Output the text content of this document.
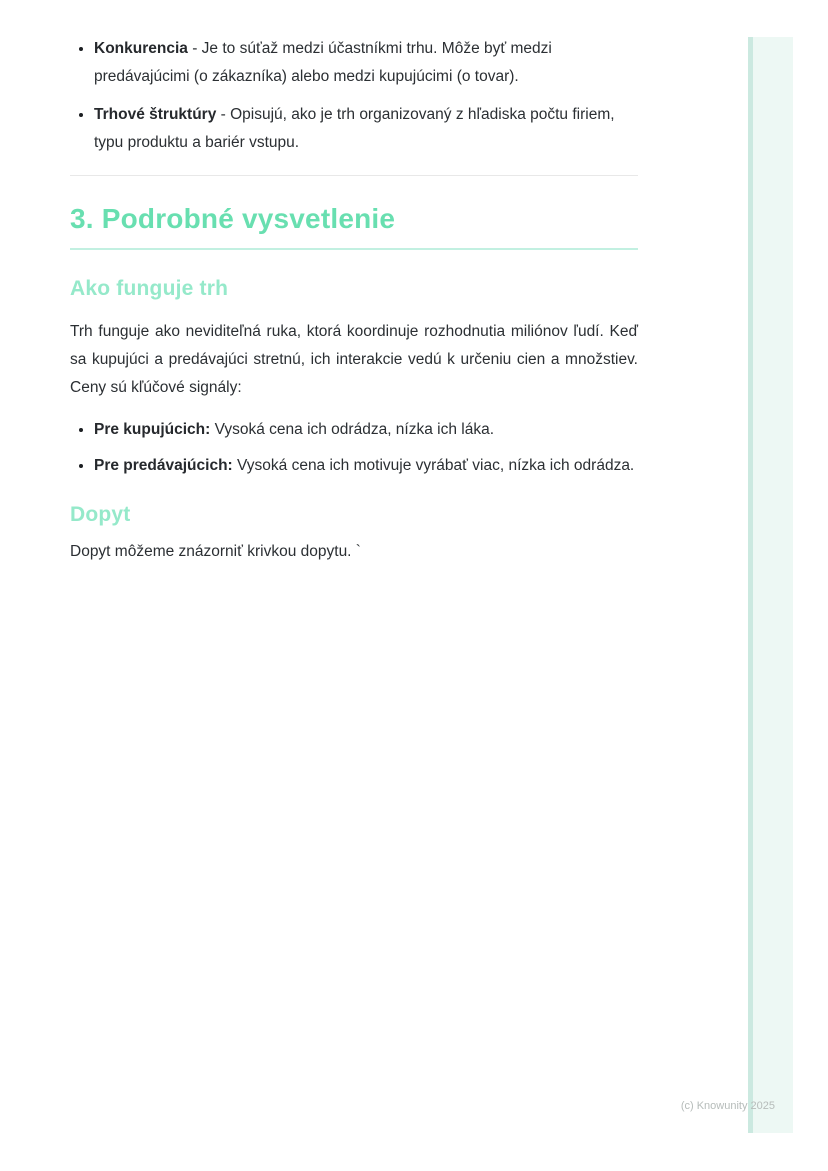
• Konkurencia - Je to súťaž medzi účastníkmi trhu. Môže byť medzi predávajúcimi (o zákazníka) alebo medzi kupujúcimi (o tovar).
• Trhové štruktúry - Opisujú, ako je trh organizovaný z hľadiska počtu firiem, typu produktu a bariér vstupu.
3. Podrobné vysvetlenie
Ako funguje trh

Trh funguje ako neviditeľná ruka, ktorá koordinuje rozhodnutia miliónov ľudí. Keď sa kupujúci a predávajúci stretnú, ich interakcie vedú k určeniu cien a množstiev. Ceny sú kľúčové signály:

• Pre kupujúcich: Vysoká cena ich odrádza, nízka ich láka.
• Pre predávajúcich: Vysoká cena ich motivuje vyrábať viac, nízka ich odrádza.
Dopyt

Dopyt môžeme znázorniť krivkou dopytu. `

(c) Knowunity 2025
